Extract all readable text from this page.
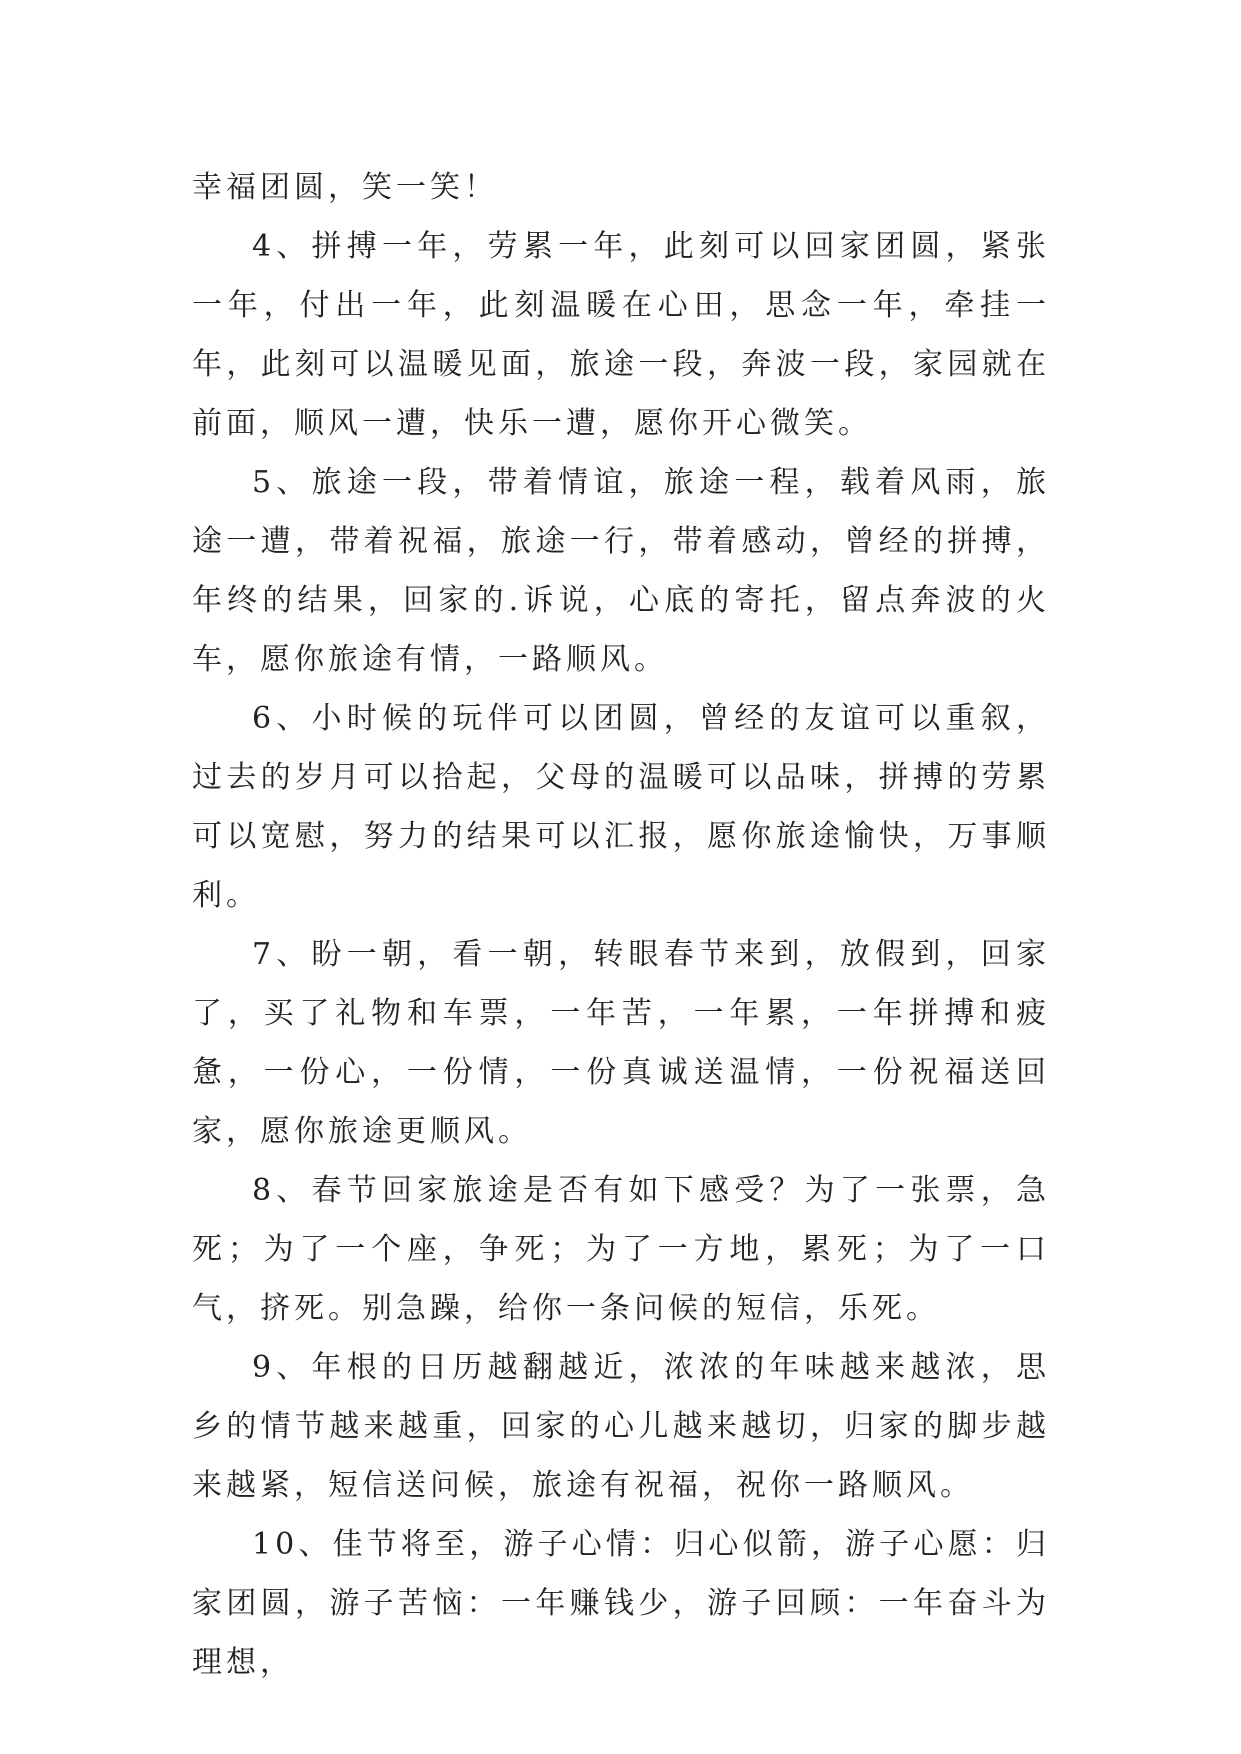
幸福团圆，笑一笑！

4、拼搏一年，劳累一年，此刻可以回家团圆，紧张一年，付出一年，此刻温暖在心田，思念一年，牵挂一年，此刻可以温暖见面，旅途一段，奔波一段，家园就在前面，顺风一遭，快乐一遭，愿你开心微笑。

5、旅途一段，带着情谊，旅途一程，载着风雨，旅途一遭，带着祝福，旅途一行，带着感动，曾经的拼搏，年终的结果，回家的.诉说，心底的寄托，留点奔波的火车，愿你旅途有情，一路顺风。

6、小时候的玩伴可以团圆，曾经的友谊可以重叙，过去的岁月可以拾起，父母的温暖可以品味，拼搏的劳累可以宽慰，努力的结果可以汇报，愿你旅途愉快，万事顺利。

7、盼一朝，看一朝，转眼春节来到，放假到，回家了，买了礼物和车票，一年苦，一年累，一年拼搏和疲惫，一份心，一份情，一份真诚送温情，一份祝福送回家，愿你旅途更顺风。

8、春节回家旅途是否有如下感受？为了一张票，急死；为了一个座，争死；为了一方地，累死；为了一口气，挤死。别急躁，给你一条问候的短信，乐死。

9、年根的日历越翻越近，浓浓的年味越来越浓，思乡的情节越来越重，回家的心儿越来越切，归家的脚步越来越紧，短信送问候，旅途有祝福，祝你一路顺风。

10、佳节将至，游子心情：归心似箭，游子心愿：归家团圆，游子苦恼：一年赚钱少，游子回顾：一年奋斗为理想，
